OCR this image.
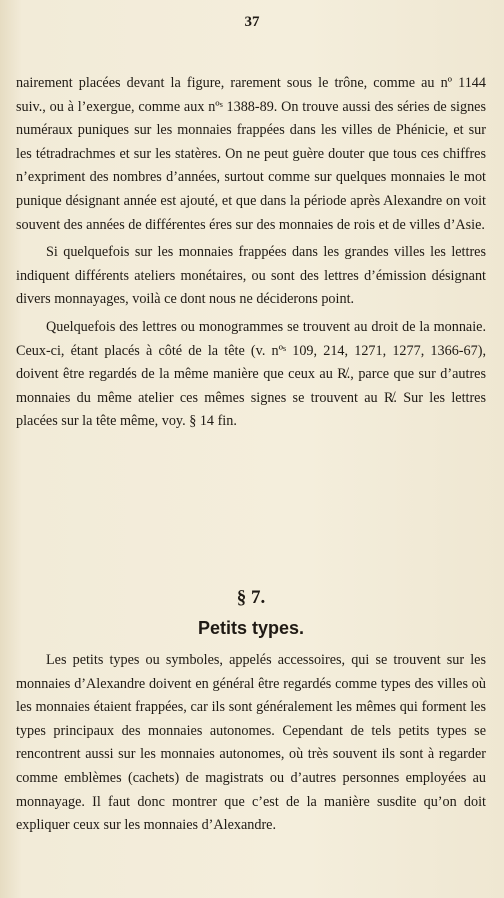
37

nairement placées devant la figure, rarement sous le trône, comme au nº 1144 suiv., ou à l’exergue, comme aux nºˢ 1388-89. On trouve aussi des séries de signes numéraux puniques sur les monnaies frappées dans les villes de Phénicie, et sur les tétradrachmes et sur les statères. On ne peut guère douter que tous ces chiffres n’expriment des nombres d’années, surtout comme sur quelques monnaies le mot punique désignant année est ajouté, et que dans la période après Alexandre on voit souvent des années de différentes éres sur des monnaies de rois et de villes d’Asie.

Si quelquefois sur les monnaies frappées dans les grandes villes les lettres indiquent différents ateliers monétaires, ou sont des lettres d’émission désignant divers monnayages, voilà ce dont nous ne déciderons point.

Quelquefois des lettres ou monogrammes se trouvent au droit de la monnaie. Ceux-ci, étant placés à côté de la tête (v. nºˢ 109, 214, 1271, 1277, 1366-67), doivent être regardés de la même manière que ceux au R̸., parce que sur d’autres monnaies du même atelier ces mêmes signes se trouvent au R̸. Sur les lettres placées sur la tête même, voy. § 14 fin.

§ 7.
Petits types.

Les petits types ou symboles, appelés accessoires, qui se trouvent sur les monnaies d’Alexandre doivent en général être regardés comme types des villes où les monnaies étaient frappées, car ils sont généralement les mêmes qui forment les types principaux des monnaies autonomes. Cependant de tels petits types se rencontrent aussi sur les monnaies autonomes, où très souvent ils sont à regarder comme emblèmes (cachets) de magistrats ou d’autres personnes employées au monnayage. Il faut donc montrer que c’est de la manière susdite qu’on doit expliquer ceux sur les monnaies d’Alexandre.
